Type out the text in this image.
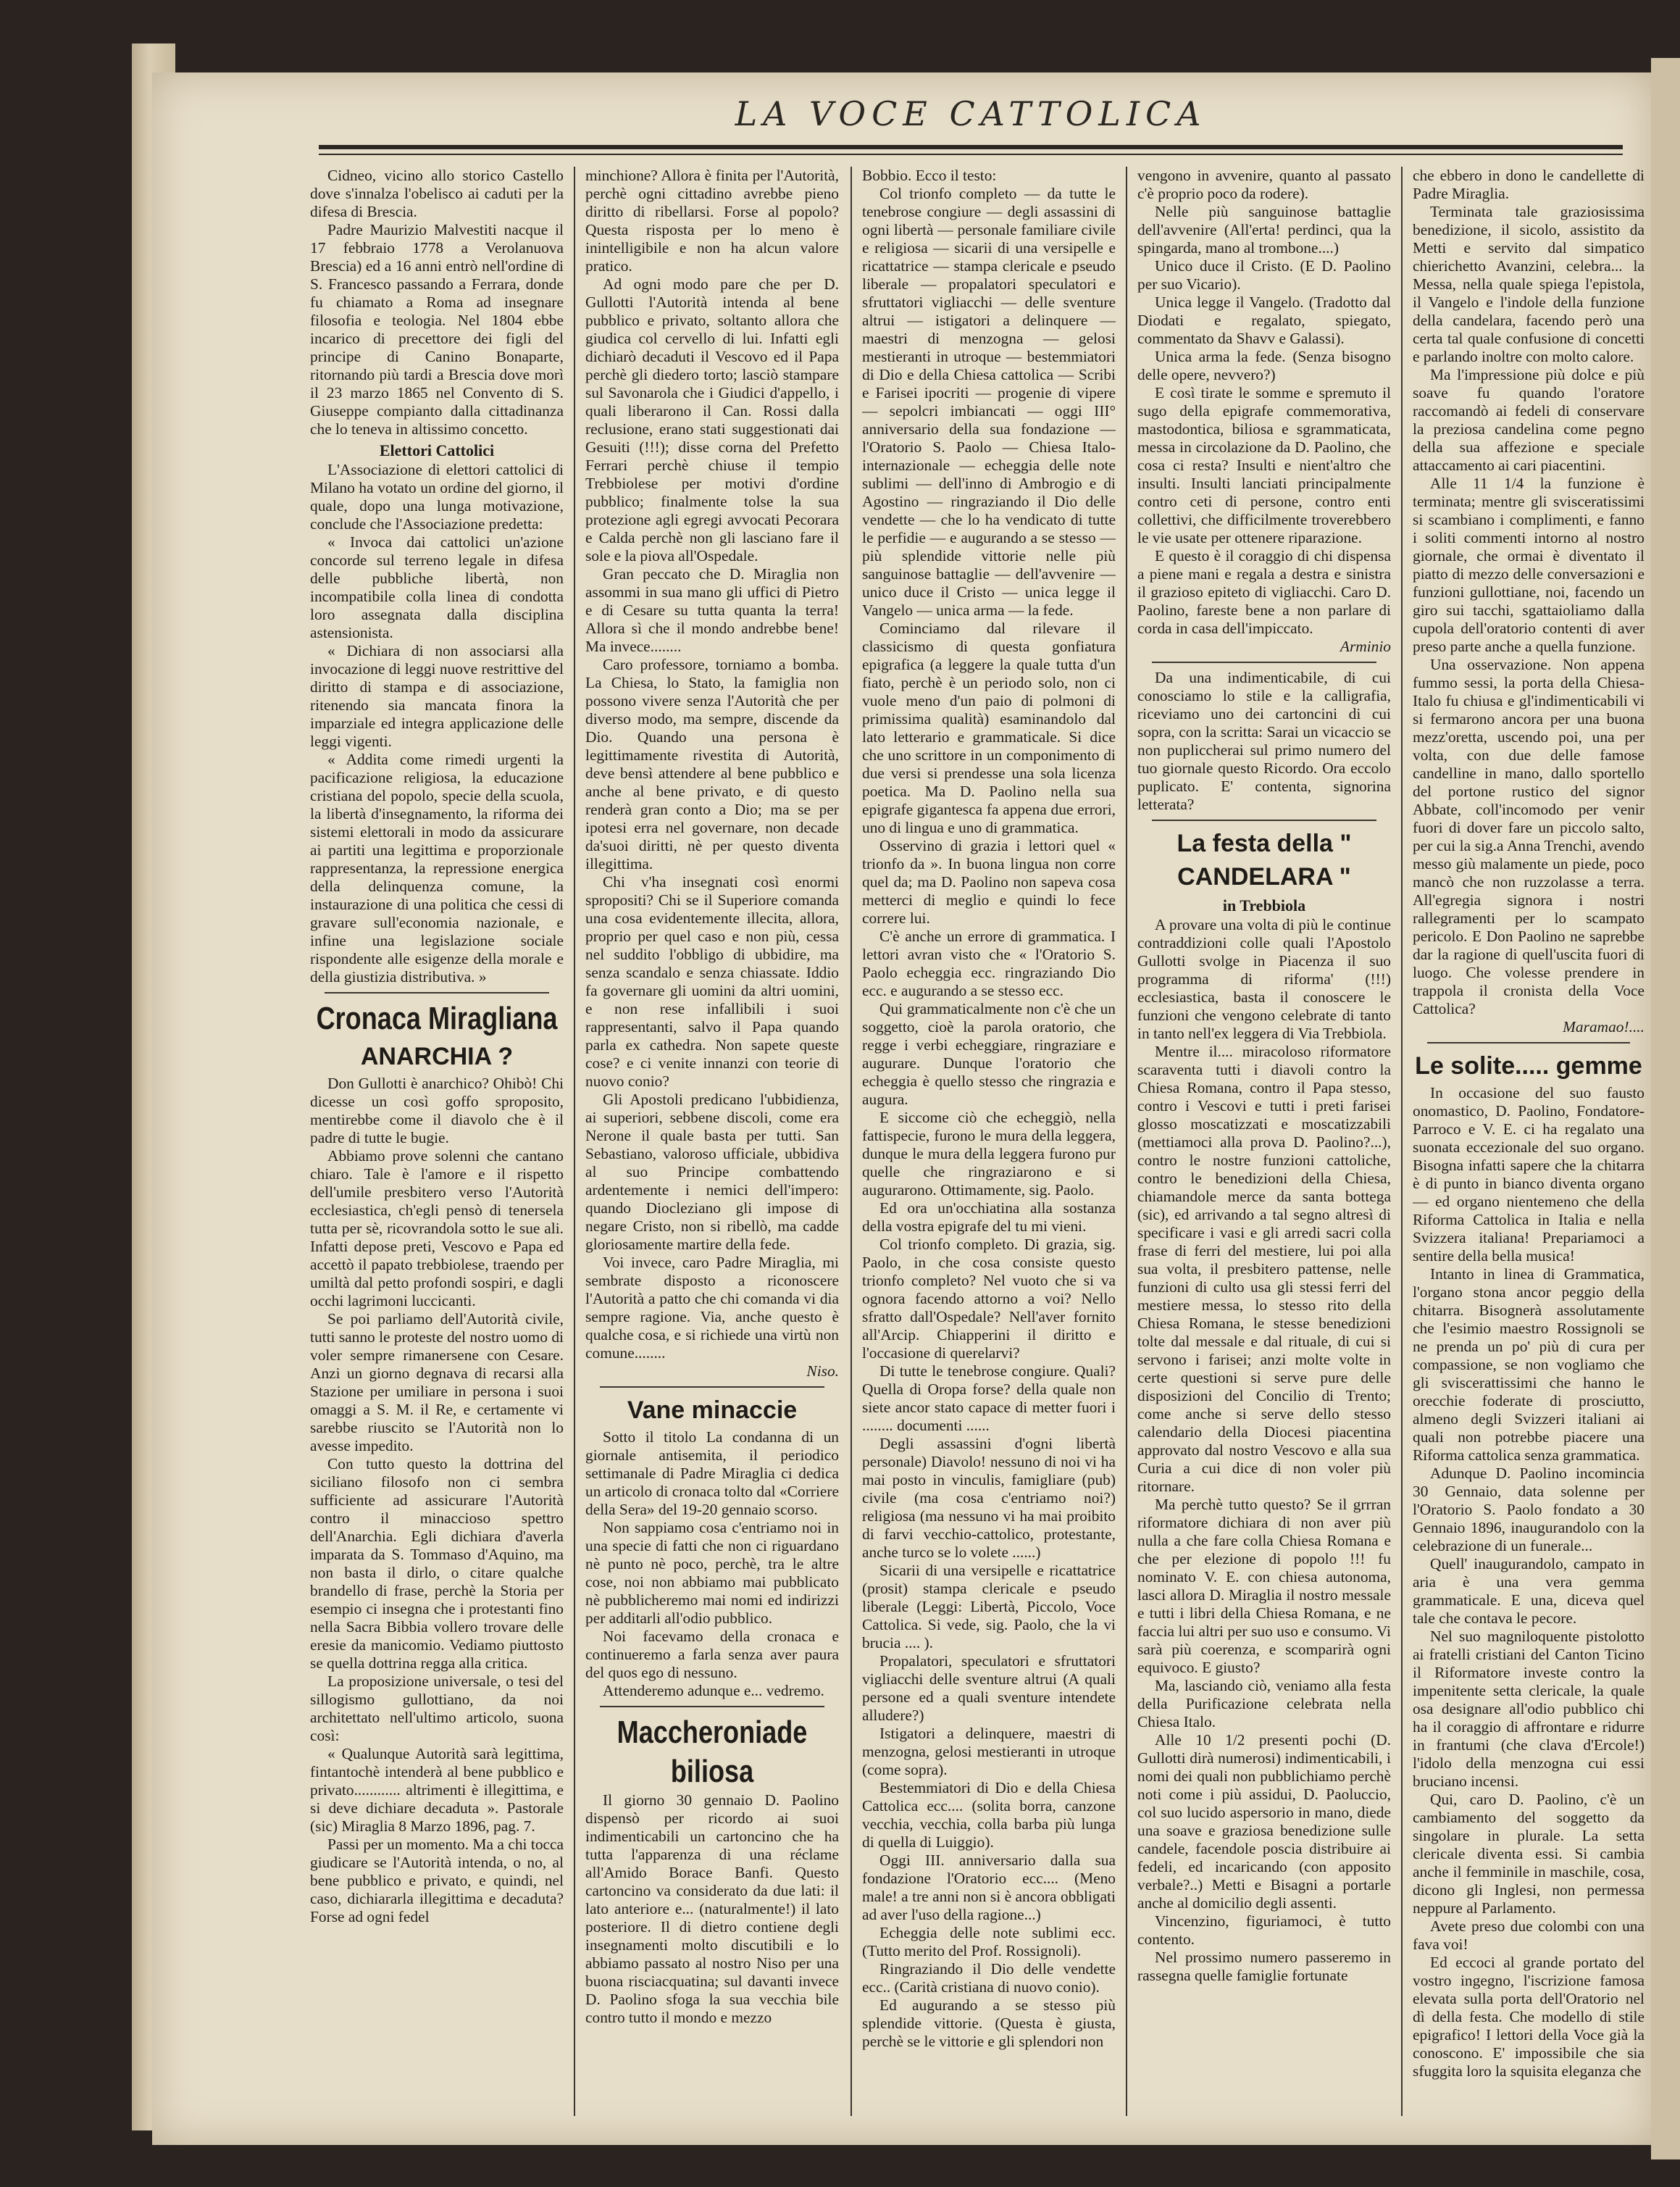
LA VOCE CATTOLICA

Cidneo, vicino allo storico Castello dove s'innalza l'obelisco ai caduti per la difesa di Brescia.

Padre Maurizio Malvestiti nacque il 17 febbraio 1778 a Verolanuova Brescia) ed a 16 anni entrò nell'ordine di S. Francesco passando a Ferrara, donde fu chiamato a Roma ad insegnare filosofia e teologia. Nel 1804 ebbe incarico di precettore dei figli del principe di Canino Bonaparte, ritornando più tardi a Brescia dove morì il 23 marzo 1865 nel Convento di S. Giuseppe compianto dalla cittadinanza che lo teneva in altissimo concetto.

Elettori Cattolici

L'Associazione di elettori cattolici di Milano ha votato un ordine del giorno, il quale, dopo una lunga motivazione, conclude che l'Associazione predetta:

« Invoca dai cattolici un'azione concorde sul terreno legale in difesa delle pubbliche libertà, non incompatibile colla linea di condotta loro assegnata dalla disciplina astensionista.

« Dichiara di non associarsi alla invocazione di leggi nuove restrittive del diritto di stampa e di associazione, ritenendo sia mancata finora la imparziale ed integra applicazione delle leggi vigenti.

« Addita come rimedi urgenti la pacificazione religiosa, la educazione cristiana del popolo, specie della scuola, la libertà d'insegnamento, la riforma dei sistemi elettorali in modo da assicurare ai partiti una legittima e proporzionale rappresentanza, la repressione energica della delinquenza comune, la instaurazione di una politica che cessi di gravare sull'economia nazionale, e infine una legislazione sociale rispondente alle esigenze della morale e della giustizia distributiva. »

Cronaca Miragliana
ANARCHIA ?

Don Gullotti è anarchico? Ohibò! Chi dicesse un così goffo sproposito, mentirebbe come il diavolo che è il padre di tutte le bugie.

Abbiamo prove solenni che cantano chiaro. Tale è l'amore e il rispetto dell'umile presbitero verso l'Autorità ecclesiastica, ch'egli pensò di tenersela tutta per sè, ricovrandola sotto le sue ali. Infatti depose preti, Vescovo e Papa ed accettò il papato trebbiolese, traendo per umiltà dal petto profondi sospiri, e dagli occhi lagrimoni luccicanti.

Se poi parliamo dell'Autorità civile, tutti sanno le proteste del nostro uomo di voler sempre rimanersene con Cesare. Anzi un giorno degnava di recarsi alla Stazione per umiliare in persona i suoi omaggi a S. M. il Re, e certamente vi sarebbe riuscito se l'Autorità non lo avesse impedito.

Con tutto questo la dottrina del siciliano filosofo non ci sembra sufficiente ad assicurare l'Autorità contro il minaccioso spettro dell'Anarchia. Egli dichiara d'averla imparata da S. Tommaso d'Aquino, ma non basta il dirlo, o citare qualche brandello di frase, perchè la Storia per esempio ci insegna che i protestanti fino nella Sacra Bibbia vollero trovare delle eresie da manicomio. Vediamo piuttosto se quella dottrina regga alla critica.

La proposizione universale, o tesi del sillogismo gullottiano, da noi architettato nell'ultimo articolo, suona così:

« Qualunque Autorità sarà legittima, fintantochè intenderà al bene pubblico e privato............ altrimenti è illegittima, e si deve dichiare decaduta ». Pastorale (sic) Miraglia 8 Marzo 1896, pag. 7.

Passi per un momento. Ma a chi tocca giudicare se l'Autorità intenda, o no, al bene pubblico e privato, e quindi, nel caso, dichiararla illegittima e decaduta? Forse ad ogni fedel

minchione? Allora è finita per l'Autorità, perchè ogni cittadino avrebbe pieno diritto di ribellarsi. Forse al popolo? Questa risposta per lo meno è inintelligibile e non ha alcun valore pratico.

Ad ogni modo pare che per D. Gullotti l'Autorità intenda al bene pubblico e privato, soltanto allora che giudica col cervello di lui. Infatti egli dichiarò decaduti il Vescovo ed il Papa perchè gli diedero torto; lasciò stampare sul Savonarola che i Giudici d'appello, i quali liberarono il Can. Rossi dalla reclusione, erano stati suggestionati dai Gesuiti (!!!); disse corna del Prefetto Ferrari perchè chiuse il tempio Trebbiolese per motivi d'ordine pubblico; finalmente tolse la sua protezione agli egregi avvocati Pecorara e Calda perchè non gli lasciano fare il sole e la piova all'Ospedale.

Gran peccato che D. Miraglia non assommi in sua mano gli uffici di Pietro e di Cesare su tutta quanta la terra! Allora sì che il mondo andrebbe bene! Ma invece........

Caro professore, torniamo a bomba. La Chiesa, lo Stato, la famiglia non possono vivere senza l'Autorità che per diverso modo, ma sempre, discende da Dio. Quando una persona è legittimamente rivestita di Autorità, deve bensì attendere al bene pubblico e anche al bene privato, e di questo renderà gran conto a Dio; ma se per ipotesi erra nel governare, non decade da'suoi diritti, nè per questo diventa illegittima.

Chi v'ha insegnati così enormi spropositi? Chi se il Superiore comanda una cosa evidentemente illecita, allora, proprio per quel caso e non più, cessa nel suddito l'obbligo di ubbidire, ma senza scandalo e senza chiassate. Iddio fa governare gli uomini da altri uomini, e non rese infallibili i suoi rappresentanti, salvo il Papa quando parla ex cathedra. Non sapete queste cose? e ci venite innanzi con teorie di nuovo conio?

Gli Apostoli predicano l'ubbidienza, ai superiori, sebbene discoli, come era Nerone il quale basta per tutti. San Sebastiano, valoroso ufficiale, ubbidiva al suo Principe combattendo ardentemente i nemici dell'impero: quando Diocleziano gli impose di negare Cristo, non si ribellò, ma cadde gloriosamente martire della fede.

Voi invece, caro Padre Miraglia, mi sembrate disposto a riconoscere l'Autorità a patto che chi comanda vi dia sempre ragione. Via, anche questo è qualche cosa, e si richiede una virtù non comune........

Niso.
Vane minaccie

Sotto il titolo La condanna di un giornale antisemita, il periodico settimanale di Padre Miraglia ci dedica un articolo di cronaca tolto dal «Corriere della Sera» del 19-20 gennaio scorso.

Non sappiamo cosa c'entriamo noi in una specie di fatti che non ci riguardano nè punto nè poco, perchè, tra le altre cose, noi non abbiamo mai pubblicato nè pubblicheremo mai nomi ed indirizzi per additarli all'odio pubblico.

Noi facevamo della cronaca e continueremo a farla senza aver paura del quos ego di nessuno.

Attenderemo adunque e... vedremo.

Maccheroniade biliosa

Il giorno 30 gennaio D. Paolino dispensò per ricordo ai suoi indimenticabili un cartoncino che ha tutta l'apparenza di una réclame all'Amido Borace Banfi. Questo cartoncino va considerato da due lati: il lato anteriore e... (naturalmente!) il lato posteriore. Il di dietro contiene degli insegnamenti molto discutibili e lo abbiamo passato al nostro Niso per una buona risciacquatina; sul davanti invece D. Paolino sfoga la sua vecchia bile contro tutto il mondo e mezzo

Bobbio. Ecco il testo:

Col trionfo completo — da tutte le tenebrose congiure — degli assassini di ogni libertà — personale familiare civile e religiosa — sicarii di una versipelle e ricattatrice — stampa clericale e pseudo liberale — propalatori speculatori e sfruttatori vigliacchi — delle sventure altrui — istigatori a delinquere — maestri di menzogna — gelosi mestieranti in utroque — bestemmiatori di Dio e della Chiesa cattolica — Scribi e Farisei ipocriti — progenie di vipere — sepolcri imbiancati — oggi III° anniversario della sua fondazione — l'Oratorio S. Paolo — Chiesa Italo-internazionale — echeggia delle note sublimi — dell'inno di Ambrogio e di Agostino — ringraziando il Dio delle vendette — che lo ha vendicato di tutte le perfidie — e augurando a se stesso — più splendide vittorie nelle più sanguinose battaglie — dell'avvenire — unico duce il Cristo — unica legge il Vangelo — unica arma — la fede.

Cominciamo dal rilevare il classicismo di questa gonfiatura epigrafica (a leggere la quale tutta d'un fiato, perchè è un periodo solo, non ci vuole meno d'un paio di polmoni di primissima qualità) esaminandolo dal lato letterario e grammaticale. Si dice che uno scrittore in un componimento di due versi si prendesse una sola licenza poetica. Ma D. Paolino nella sua epigrafe gigantesca fa appena due errori, uno di lingua e uno di grammatica.

Osservino di grazia i lettori quel « trionfo da ». In buona lingua non corre quel da; ma D. Paolino non sapeva cosa metterci di meglio e quindi lo fece correre lui.

C'è anche un errore di grammatica. I lettori avran visto che « l'Oratorio S. Paolo echeggia ecc. ringraziando Dio ecc. e augurando a se stesso ecc.

Qui grammaticalmente non c'è che un soggetto, cioè la parola oratorio, che regge i verbi echeggiare, ringraziare e augurare. Dunque l'oratorio che echeggia è quello stesso che ringrazia e augura.

E siccome ciò che echeggiò, nella fattispecie, furono le mura della leggera, dunque le mura della leggera furono pur quelle che ringraziarono e si augurarono. Ottimamente, sig. Paolo.

Ed ora un'occhiatina alla sostanza della vostra epigrafe del tu mi vieni.

Col trionfo completo. Di grazia, sig. Paolo, in che cosa consiste questo trionfo completo? Nel vuoto che si va ognora facendo attorno a voi? Nello sfratto dall'Ospedale? Nell'aver fornito all'Arcip. Chiapperini il diritto e l'occasione di querelarvi?

Di tutte le tenebrose congiure. Quali? Quella di Oropa forse? della quale non siete ancor stato capace di metter fuori i ........ documenti ......

Degli assassini d'ogni libertà personale) Diavolo! nessuno di noi vi ha mai posto in vinculis, famigliare (pub) civile (ma cosa c'entriamo noi?) religiosa (ma nessuno vi ha mai proibito di farvi vecchio-cattolico, protestante, anche turco se lo volete ......)

Sicarii di una versipelle e ricattatrice (prosit) stampa clericale e pseudo liberale (Leggi: Libertà, Piccolo, Voce Cattolica. Si vede, sig. Paolo, che la vi brucia .... ).

Propalatori, speculatori e sfruttatori vigliacchi delle sventure altrui (A quali persone ed a quali sventure intendete alludere?)

Istigatori a delinquere, maestri di menzogna, gelosi mestieranti in utroque (come sopra).

Bestemmiatori di Dio e della Chiesa Cattolica ecc.... (solita borra, canzone vecchia, vecchia, colla barba più lunga di quella di Luiggio).

Oggi III. anniversario dalla sua fondazione l'Oratorio ecc.... (Meno male! a tre anni non si è ancora obbligati ad aver l'uso della ragione...)

Echeggia delle note sublimi ecc. (Tutto merito del Prof. Rossignoli).

Ringraziando il Dio delle vendette ecc.. (Carità cristiana di nuovo conio).

Ed augurando a se stesso più splendide vittorie. (Questa è giusta, perchè se le vittorie e gli splendori non

vengono in avvenire, quanto al passato c'è proprio poco da rodere).

Nelle più sanguinose battaglie dell'avvenire (All'erta! perdinci, qua la spingarda, mano al trombone....)

Unico duce il Cristo. (E D. Paolino per suo Vicario).

Unica legge il Vangelo. (Tradotto dal Diodati e regalato, spiegato, commentato da Shavv e Galassi).

Unica arma la fede. (Senza bisogno delle opere, nevvero?)

E così tirate le somme e spremuto il sugo della epigrafe commemorativa, mastodontica, biliosa e sgrammaticata, messa in circolazione da D. Paolino, che cosa ci resta? Insulti e nient'altro che insulti. Insulti lanciati principalmente contro ceti di persone, contro enti collettivi, che difficilmente troverebbero le vie usate per ottenere riparazione.

E questo è il coraggio di chi dispensa a piene mani e regala a destra e sinistra il grazioso epiteto di vigliacchi. Caro D. Paolino, fareste bene a non parlare di corda in casa dell'impiccato.

Arminio

Da una indimenticabile, di cui conosciamo lo stile e la calligrafia, riceviamo uno dei cartoncini di cui sopra, con la scritta: Sarai un vicaccio se non pupliccherai sul primo numero del tuo giornale questo Ricordo. Ora eccolo puplicato. E' contenta, signorina letterata?

La festa della " CANDELARA "
in Trebbiola

A provare una volta di più le continue contraddizioni colle quali l'Apostolo Gullotti svolge in Piacenza il suo programma di riforma' (!!!) ecclesiastica, basta il conoscere le funzioni che vengono celebrate di tanto in tanto nell'ex leggera di Via Trebbiola.

Mentre il.... miracoloso riformatore scaraventa tutti i diavoli contro la Chiesa Romana, contro il Papa stesso, contro i Vescovi e tutti i preti farisei glosso moscatizzati e moscatizzabili (mettiamoci alla prova D. Paolino?...), contro le nostre funzioni cattoliche, contro le benedizioni della Chiesa, chiamandole merce da santa bottega (sic), ed arrivando a tal segno altresì di specificare i vasi e gli arredi sacri colla frase di ferri del mestiere, lui poi alla sua volta, il presbitero pattense, nelle funzioni di culto usa gli stessi ferri del mestiere messa, lo stesso rito della Chiesa Romana, le stesse benedizioni tolte dal messale e dal rituale, di cui si servono i farisei; anzi molte volte in certe questioni si serve pure delle disposizioni del Concilio di Trento; come anche si serve dello stesso calendario della Diocesi piacentina approvato dal nostro Vescovo e alla sua Curia a cui dice di non voler più ritornare.

Ma perchè tutto questo? Se il grrran riformatore dichiara di non aver più nulla a che fare colla Chiesa Romana e che per elezione di popolo !!! fu nominato V. E. con chiesa autonoma, lasci allora D. Miraglia il nostro messale e tutti i libri della Chiesa Romana, e ne faccia lui altri per suo uso e consumo. Vi sarà più coerenza, e scomparirà ogni equivoco. E giusto?

Ma, lasciando ciò, veniamo alla festa della Purificazione celebrata nella Chiesa Italo.

Alle 10 1/2 presenti pochi (D. Gullotti dirà numerosi) indimenticabili, i nomi dei quali non pubblichiamo perchè noti come i più assidui, D. Paoluccio, col suo lucido aspersorio in mano, diede una soave e graziosa benedizione sulle candele, facendole poscia distribuire ai fedeli, ed incaricando (con apposito verbale?..) Metti e Bisagni a portarle anche al domicilio degli assenti.

Vincenzino, figuriamoci, è tutto contento.

Nel prossimo numero passeremo in rassegna quelle famiglie fortunate

che ebbero in dono le candellette di Padre Miraglia.

Terminata tale graziosissima benedizione, il sicolo, assistito da Metti e servito dal simpatico chierichetto Avanzini, celebra... la Messa, nella quale spiega l'epistola, il Vangelo e l'indole della funzione della candelara, facendo però una certa tal quale confusione di concetti e parlando inoltre con molto calore.

Ma l'impressione più dolce e più soave fu quando l'oratore raccomandò ai fedeli di conservare la preziosa candelina come pegno della sua affezione e speciale attaccamento ai cari piacentini.

Alle 11 1/4 la funzione è terminata; mentre gli svisceratissimi si scambiano i complimenti, e fanno i soliti commenti intorno al nostro giornale, che ormai è diventato il piatto di mezzo delle conversazioni e funzioni gullottiane, noi, facendo un giro sui tacchi, sgattaioliamo dalla cupola dell'oratorio contenti di aver preso parte anche a quella funzione.

Una osservazione. Non appena fummo sessi, la porta della Chiesa-Italo fu chiusa e gl'indimenticabili vi si fermarono ancora per una buona mezz'oretta, uscendo poi, una per volta, con due delle famose candelline in mano, dallo sportello del portone rustico del signor Abbate, coll'incomodo per venir fuori di dover fare un piccolo salto, per cui la sig.a Anna Trenchi, avendo messo giù malamente un piede, poco mancò che non ruzzolasse a terra. All'egregia signora i nostri rallegramenti per lo scampato pericolo. E Don Paolino ne saprebbe dar la ragione di quell'uscita fuori di luogo. Che volesse prendere in trappola il cronista della Voce Cattolica?

Maramao!....
Le solite..... gemme

In occasione del suo fausto onomastico, D. Paolino, Fondatore-Parroco e V. E. ci ha regalato una suonata eccezionale del suo organo. Bisogna infatti sapere che la chitarra è di punto in bianco diventa organo — ed organo nientemeno che della Riforma Cattolica in Italia e nella Svizzera italiana! Prepariamoci a sentire della bella musica!

Intanto in linea di Grammatica, l'organo stona ancor peggio della chitarra. Bisognerà assolutamente che l'esimio maestro Rossignoli se ne prenda un po' più di cura per compassione, se non vogliamo che gli sviscerattissimi che hanno le orecchie foderate di prosciutto, almeno degli Svizzeri italiani ai quali non potrebbe piacere una Riforma cattolica senza grammatica.

Adunque D. Paolino incomincia 30 Gennaio, data solenne per l'Oratorio S. Paolo fondato a 30 Gennaio 1896, inaugurandolo con la celebrazione di un funerale...

Quell' inaugurandolo, campato in aria è una vera gemma grammaticale. E una, diceva quel tale che contava le pecore.

Nel suo magniloquente pistolotto ai fratelli cristiani del Canton Ticino il Riformatore investe contro la impenitente setta clericale, la quale osa designare all'odio pubblico chi ha il coraggio di affrontare e ridurre in frantumi (che clava d'Ercole!) l'idolo della menzogna cui essi bruciano incensi.

Qui, caro D. Paolino, c'è un cambiamento del soggetto da singolare in plurale. La setta clericale diventa essi. Si cambia anche il femminile in maschile, cosa, dicono gli Inglesi, non permessa neppure al Parlamento.

Avete preso due colombi con una fava voi!

Ed eccoci al grande portato del vostro ingegno, l'iscrizione famosa elevata sulla porta dell'Oratorio nel dì della festa. Che modello di stile epigrafico! I lettori della Voce già la conoscono. E' impossibile che sia sfuggita loro la squisita eleganza che
